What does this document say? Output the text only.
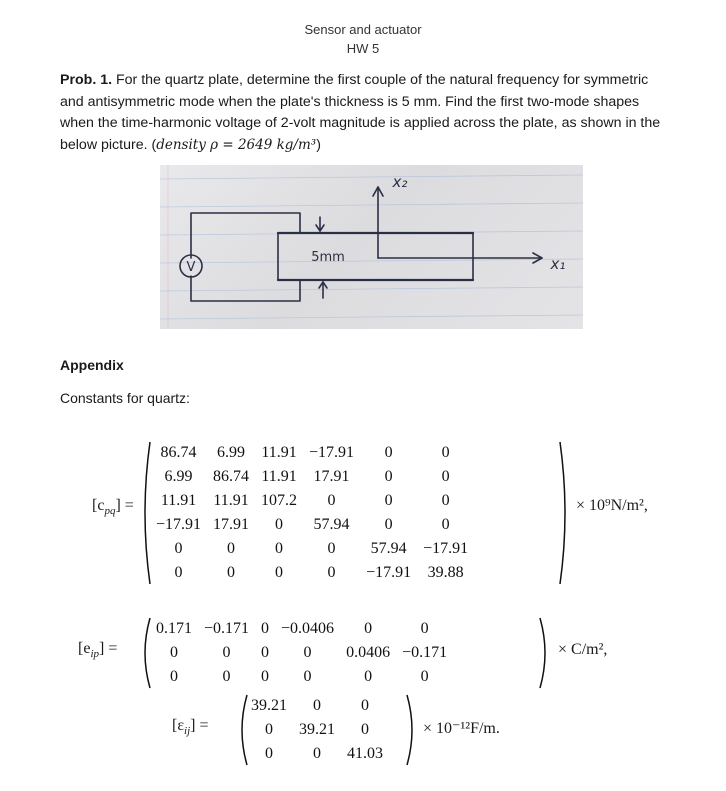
Sensor and actuator
HW 5
Prob. 1. For the quartz plate, determine the first couple of the natural frequency for symmetric
and antisymmetric mode when the plate's thickness is 5 mm. Find the first two-mode shapes
when the time-harmonic voltage of 2-volt magnitude is applied across the plate, as shown in the
below picture. (density ρ = 2649 kg/m³)
V
5mm	x₁
x₂
Appendix
Constants for quartz:
$[c_{pq}]$ =
86.74	6.99	11.91	−17.91	0	0
6.99	86.74	11.91	17.91	0	0
11.91	11.91	107.2	0	0	0
−17.91	17.91	0	57.94	0	0
0	0	0	0	57.94	−17.91
0	0	0	0	−17.91	39.88
× 10⁹N/m²,
$[e_{ip}]$ =
0.171	−0.171	0	−0.0406	0	0
0	0	0	0	0.0406	−0.171
0	0	0	0	0	0
× C/m²,
$[\varepsilon_{ij}]$ =
39.21	0	0
0	39.21	0
0	0	41.03
× 10⁻¹²F/m.
